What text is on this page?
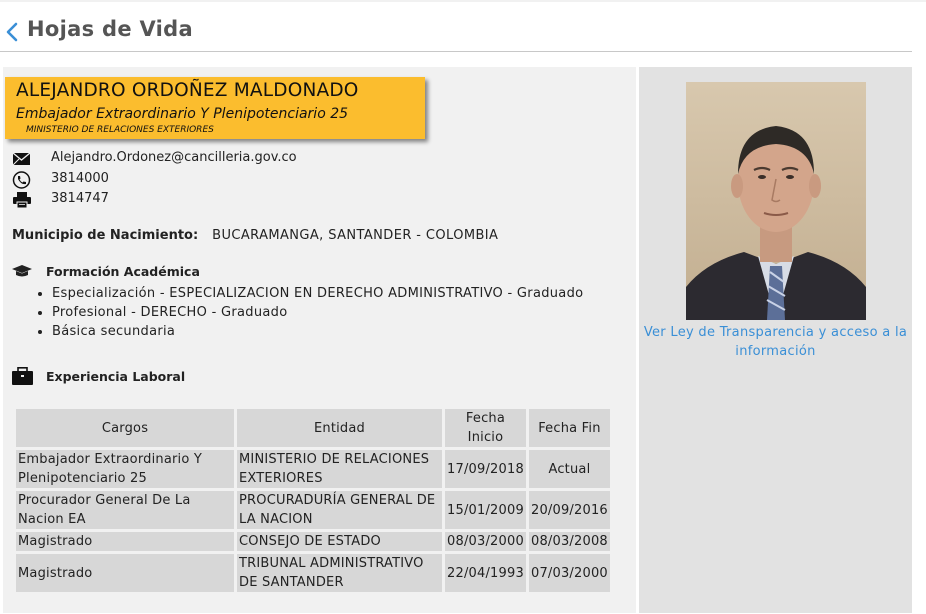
Hojas de Vida
ALEJANDRO ORDOÑEZ MALDONADO
Embajador Extraordinario Y Plenipotenciario 25
MINISTERIO DE RELACIONES EXTERIORES
Alejandro.Ordonez@cancilleria.gov.co
3814000
3814747
Municipio de Nacimiento: BUCARAMANGA, SANTANDER - COLOMBIA
Formación Académica
• Especialización - ESPECIALIZACION EN DERECHO ADMINISTRATIVO - Graduado
• Profesional - DERECHO - Graduado
• Básica secundaria
Experiencia Laboral
Cargos	Entidad	Fecha Inicio	Fecha Fin
Embajador Extraordinario Y Plenipotenciario 25	MINISTERIO DE RELACIONES EXTERIORES	17/09/2018	Actual
Procurador General De La Nacion EA	PROCURADURÍA GENERAL DE LA NACION	15/01/2009	20/09/2016
Magistrado	CONSEJO DE ESTADO	08/03/2000	08/03/2008
Magistrado	TRIBUNAL ADMINISTRATIVO DE SANTANDER	22/04/1993	07/03/2000
Ver Ley de Transparencia y acceso a la información
